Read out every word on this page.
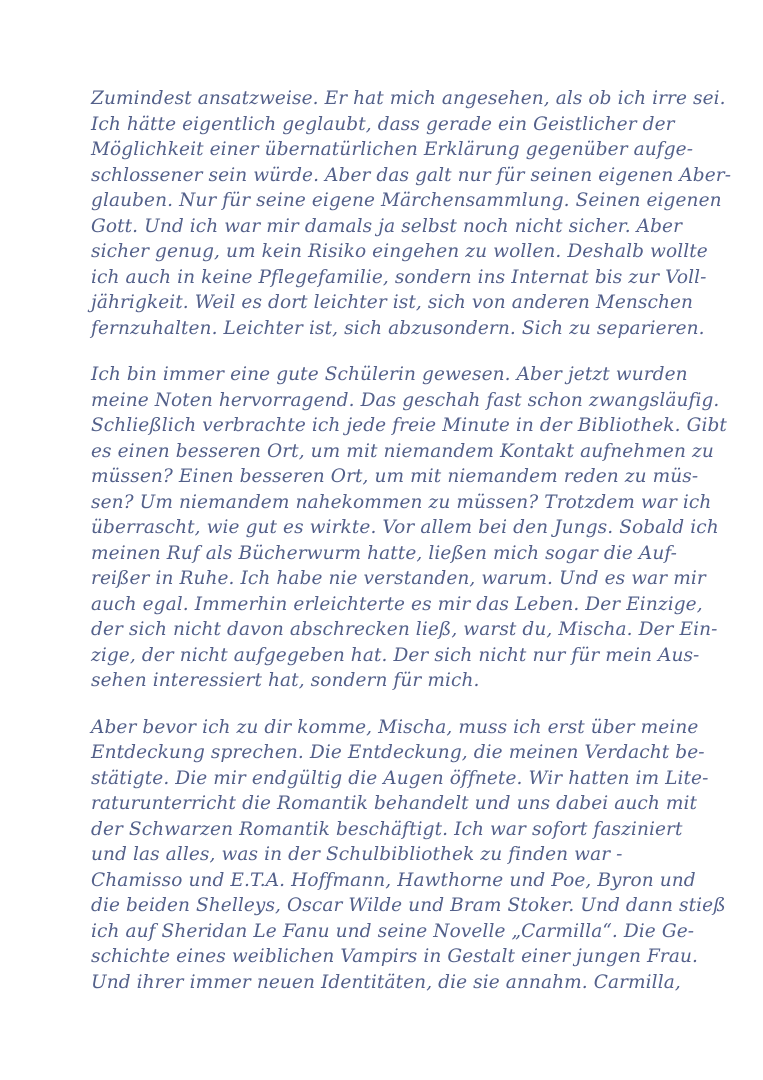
Zumindest ansatzweise. Er hat mich angesehen, als ob ich irre sei.
Ich hätte eigentlich geglaubt, dass gerade ein Geistlicher der
Möglichkeit einer übernatürlichen Erklärung gegenüber aufge-
schlossener sein würde. Aber das galt nur für seinen eigenen Aber-
glauben. Nur für seine eigene Märchensammlung. Seinen eigenen
Gott. Und ich war mir damals ja selbst noch nicht sicher. Aber
sicher genug, um kein Risiko eingehen zu wollen. Deshalb wollte
ich auch in keine Pflegefamilie, sondern ins Internat bis zur Voll-
jährigkeit. Weil es dort leichter ist, sich von anderen Menschen
fernzuhalten. Leichter ist, sich abzusondern. Sich zu separieren.
Ich bin immer eine gute Schülerin gewesen. Aber jetzt wurden
meine Noten hervorragend. Das geschah fast schon zwangsläufig.
Schließlich verbrachte ich jede freie Minute in der Bibliothek. Gibt
es einen besseren Ort, um mit niemandem Kontakt aufnehmen zu
müssen? Einen besseren Ort, um mit niemandem reden zu müs-
sen? Um niemandem nahekommen zu müssen? Trotzdem war ich
überrascht, wie gut es wirkte. Vor allem bei den Jungs. Sobald ich
meinen Ruf als Bücherwurm hatte, ließen mich sogar die Auf-
reißer in Ruhe. Ich habe nie verstanden, warum. Und es war mir
auch egal. Immerhin erleichterte es mir das Leben. Der Einzige,
der sich nicht davon abschrecken ließ, warst du, Mischa. Der Ein-
zige, der nicht aufgegeben hat. Der sich nicht nur für mein Aus-
sehen interessiert hat, sondern für mich.
Aber bevor ich zu dir komme, Mischa, muss ich erst über meine
Entdeckung sprechen. Die Entdeckung, die meinen Verdacht be-
stätigte. Die mir endgültig die Augen öffnete. Wir hatten im Lite-
raturunterricht die Romantik behandelt und uns dabei auch mit
der Schwarzen Romantik beschäftigt. Ich war sofort fasziniert
und las alles, was in der Schulbibliothek zu finden war -
Chamisso und E.T.A. Hoffmann, Hawthorne und Poe, Byron und
die beiden Shelleys, Oscar Wilde und Bram Stoker. Und dann stieß
ich auf Sheridan Le Fanu und seine Novelle „Carmilla“. Die Ge-
schichte eines weiblichen Vampirs in Gestalt einer jungen Frau.
Und ihrer immer neuen Identitäten, die sie annahm. Carmilla,
